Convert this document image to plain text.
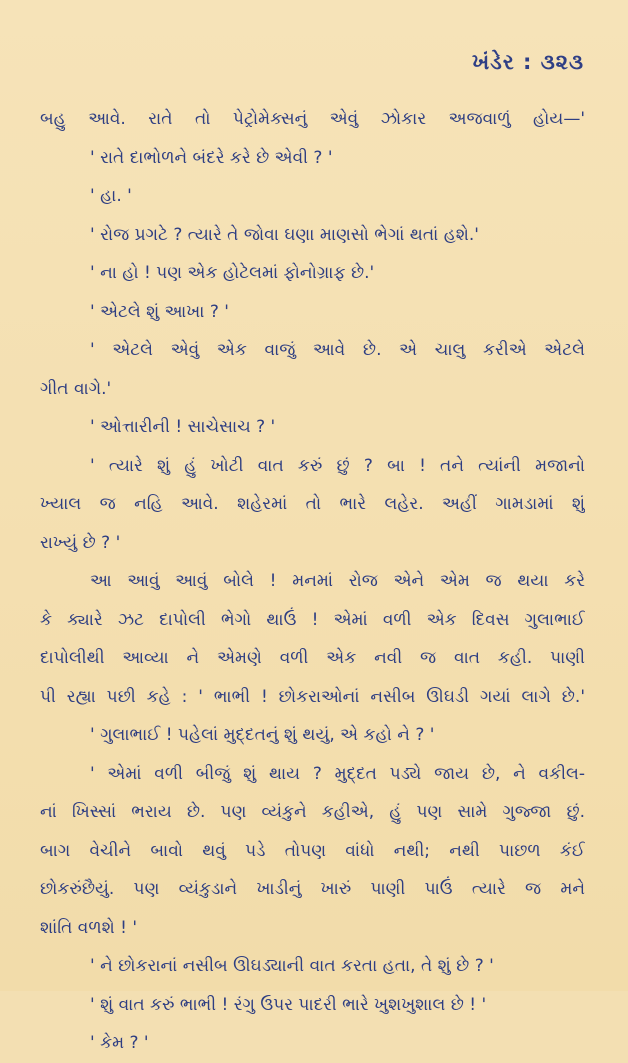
ખંડેર : ૩૨૩
બહુ આવે. રાતે તો પેટ્રોમેક્સનું એવું ઝોકાર અજવાળું હોય—'
' રાતે દાભોળને બંદરે કરે છે એવી ? '
' હા. '
' રોજ પ્રગટે ? ત્યારે તે જોવા ઘણા માણસો ભેગાં થતાં હશે.'
' ના હો ! પણ એક હોટેલમાં ફોનોગ્રાફ છે.'
' એટલે શું આખા ? '
' એટલે એવું એક વાજું આવે છે. એ ચાલુ કરીએ એટલે
ગીત વાગે.'
' ઓત્તારીની ! સાચેસાચ ? '
' ત્યારે શું હું ખોટી વાત કરું છું ? બા ! તને ત્યાંની મજાનો
ખ્યાલ જ નહિ આવે. શહેરમાં તો ભારે લહેર. અહીં ગામડામાં શું
રાખ્યું છે ? '
આ આવું આવું બોલે ! મનમાં રોજ એને એમ જ થયા કરે
કે ક્યારે ઝટ દાપોલી ભેગો થાઉં ! એમાં વળી એક દિવસ ગુલાભાઈ
દાપોલીથી આવ્યા ને એમણે વળી એક નવી જ વાત કહી. પાણી
પી રહ્યા પછી કહે : ' ભાભી ! છોકરાઓનાં નસીબ ઊઘડી ગયાં લાગે છે.'
' ગુલાભાઈ ! પહેલાં મુદ્દતનું શું થયું, એ કહો ને ? '
' એમાં વળી બીજું શું થાય ? મુદ્દત પડ્યે જાય છે, ને વકીલ-
નાં ખિસ્સાં ભરાય છે. પણ વ્યંકુને કહીએ, હું પણ સામે ગુજ્જા છું.
બાગ વેચીને બાવો થવું પડે તોપણ વાંધો નથી; નથી પાછળ કંઈ
છોકરુંછૈયું. પણ વ્યંકુડાને ખાડીનું ખારું પાણી પાઉં ત્યારે જ મને
શાંતિ વળશે ! '
' ને છોકરાનાં નસીબ ઊઘડ્યાની વાત કરતા હતા, તે શું છે ? '
' શું વાત કરું ભાભી ! રંગુ ઉપર પાદરી ભારે ખુશખુશાલ છે ! '
' કેમ ? '
